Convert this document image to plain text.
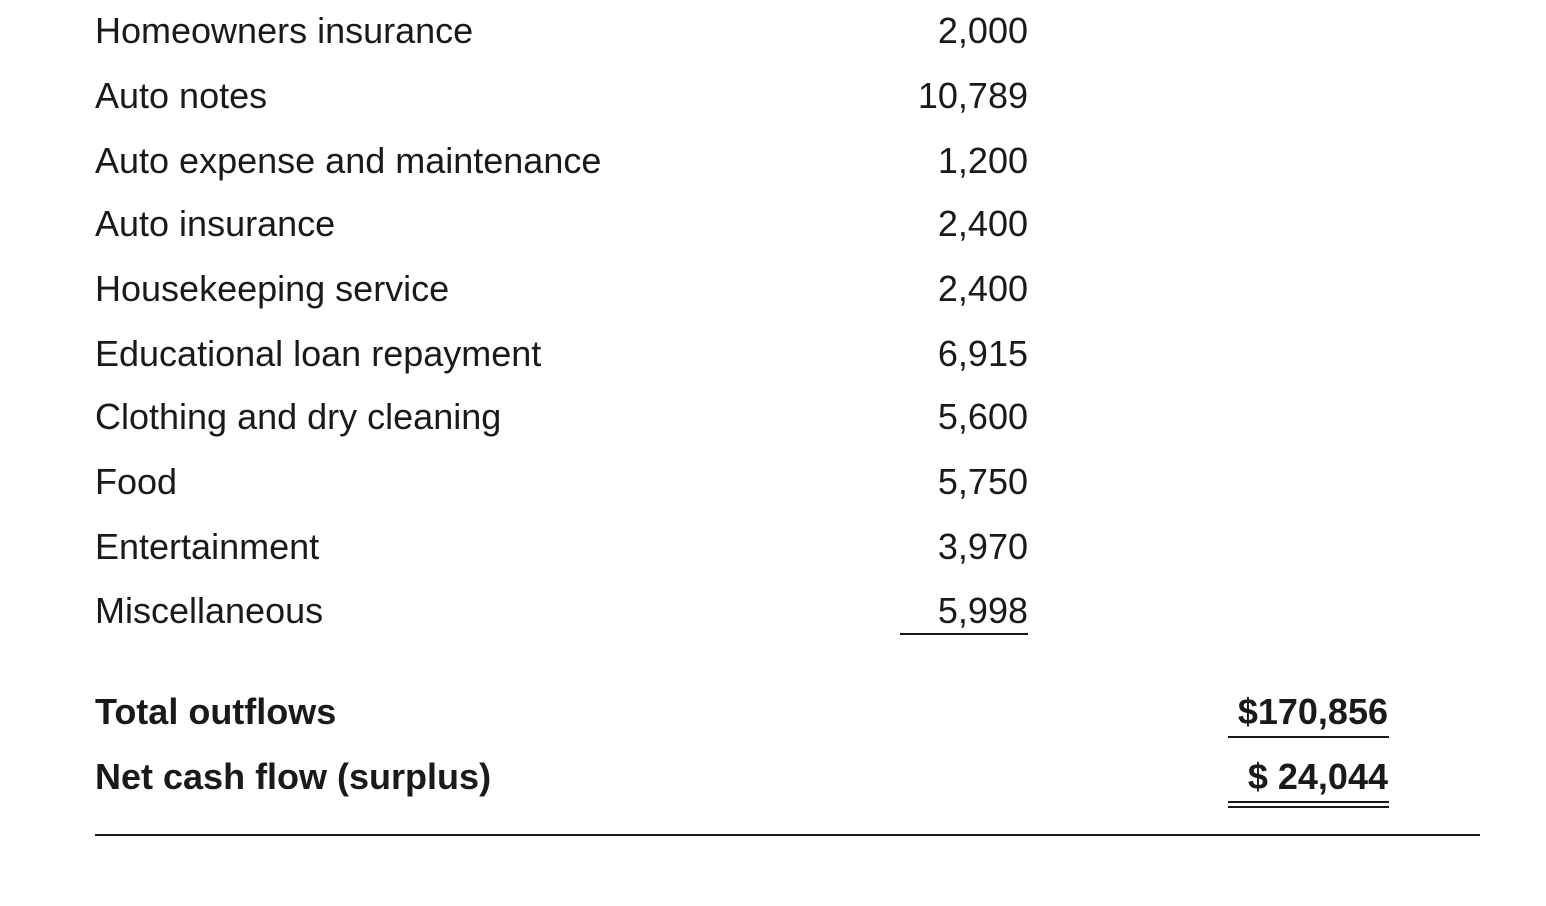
Homeowners insurance	2,000
Auto notes	10,789
Auto expense and maintenance	1,200
Auto insurance	2,400
Housekeeping service	2,400
Educational loan repayment	6,915
Clothing and dry cleaning	5,600
Food	5,750
Entertainment	3,970
Miscellaneous	5,998
Total outflows	$170,856
Net cash flow (surplus)	$ 24,044
